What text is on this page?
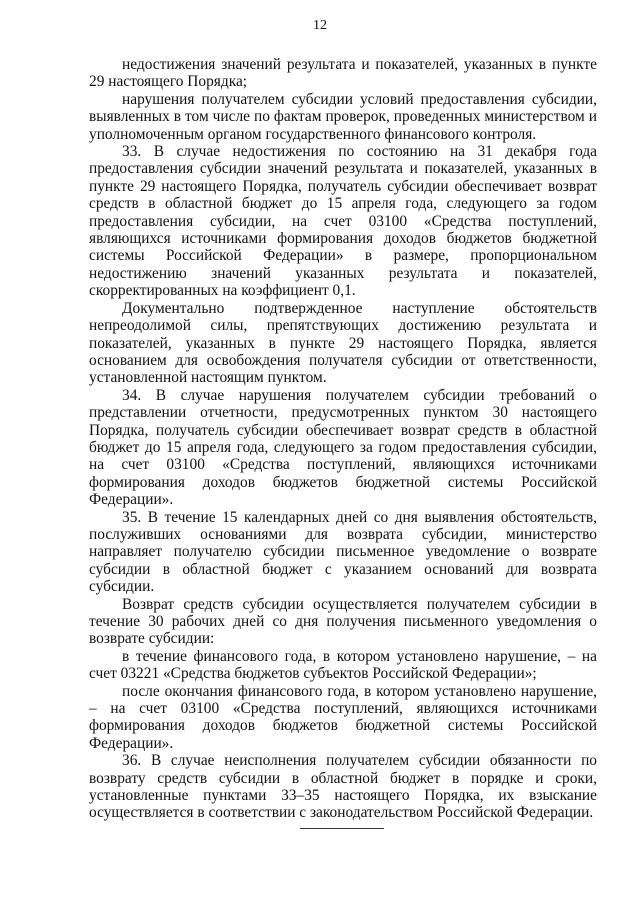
12

недостижения значений результата и показателей, указанных в пункте 29 настоящего Порядка;

нарушения получателем субсидии условий предоставления субсидии, выявленных в том числе по фактам проверок, проведенных министерством и уполномоченным органом государственного финансового контроля.

33. В случае недостижения по состоянию на 31 декабря года предоставления субсидии значений результата и показателей, указанных в пункте 29 настоящего Порядка, получатель субсидии обеспечивает возврат средств в областной бюджет до 15 апреля года, следующего за годом предоставления субсидии, на счет 03100 «Средства поступлений, являющихся источниками формирования доходов бюджетов бюджетной системы Российской Федерации» в размере, пропорциональном недостижению значений указанных результата и показателей, скорректированных на коэффициент 0,1.

Документально подтвержденное наступление обстоятельств непреодолимой силы, препятствующих достижению результата и показателей, указанных в пункте 29 настоящего Порядка, является основанием для освобождения получателя субсидии от ответственности, установленной настоящим пунктом.

34. В случае нарушения получателем субсидии требований о представлении отчетности, предусмотренных пунктом 30 настоящего Порядка, получатель субсидии обеспечивает возврат средств в областной бюджет до 15 апреля года, следующего за годом предоставления субсидии, на счет 03100 «Средства поступлений, являющихся источниками формирования доходов бюджетов бюджетной системы Российской Федерации».

35. В течение 15 календарных дней со дня выявления обстоятельств, послуживших основаниями для возврата субсидии, министерство направляет получателю субсидии письменное уведомление о возврате субсидии в областной бюджет с указанием оснований для возврата субсидии.

Возврат средств субсидии осуществляется получателем субсидии в течение 30 рабочих дней со дня получения письменного уведомления о возврате субсидии:

в течение финансового года, в котором установлено нарушение, – на счет 03221 «Средства бюджетов субъектов Российской Федерации»;

после окончания финансового года, в котором установлено нарушение, – на счет 03100 «Средства поступлений, являющихся источниками формирования доходов бюджетов бюджетной системы Российской Федерации».

36. В случае неисполнения получателем субсидии обязанности по возврату средств субсидии в областной бюджет в порядке и сроки, установленные пунктами 33–35 настоящего Порядка, их взыскание осуществляется в соответствии с законодательством Российской Федерации.
